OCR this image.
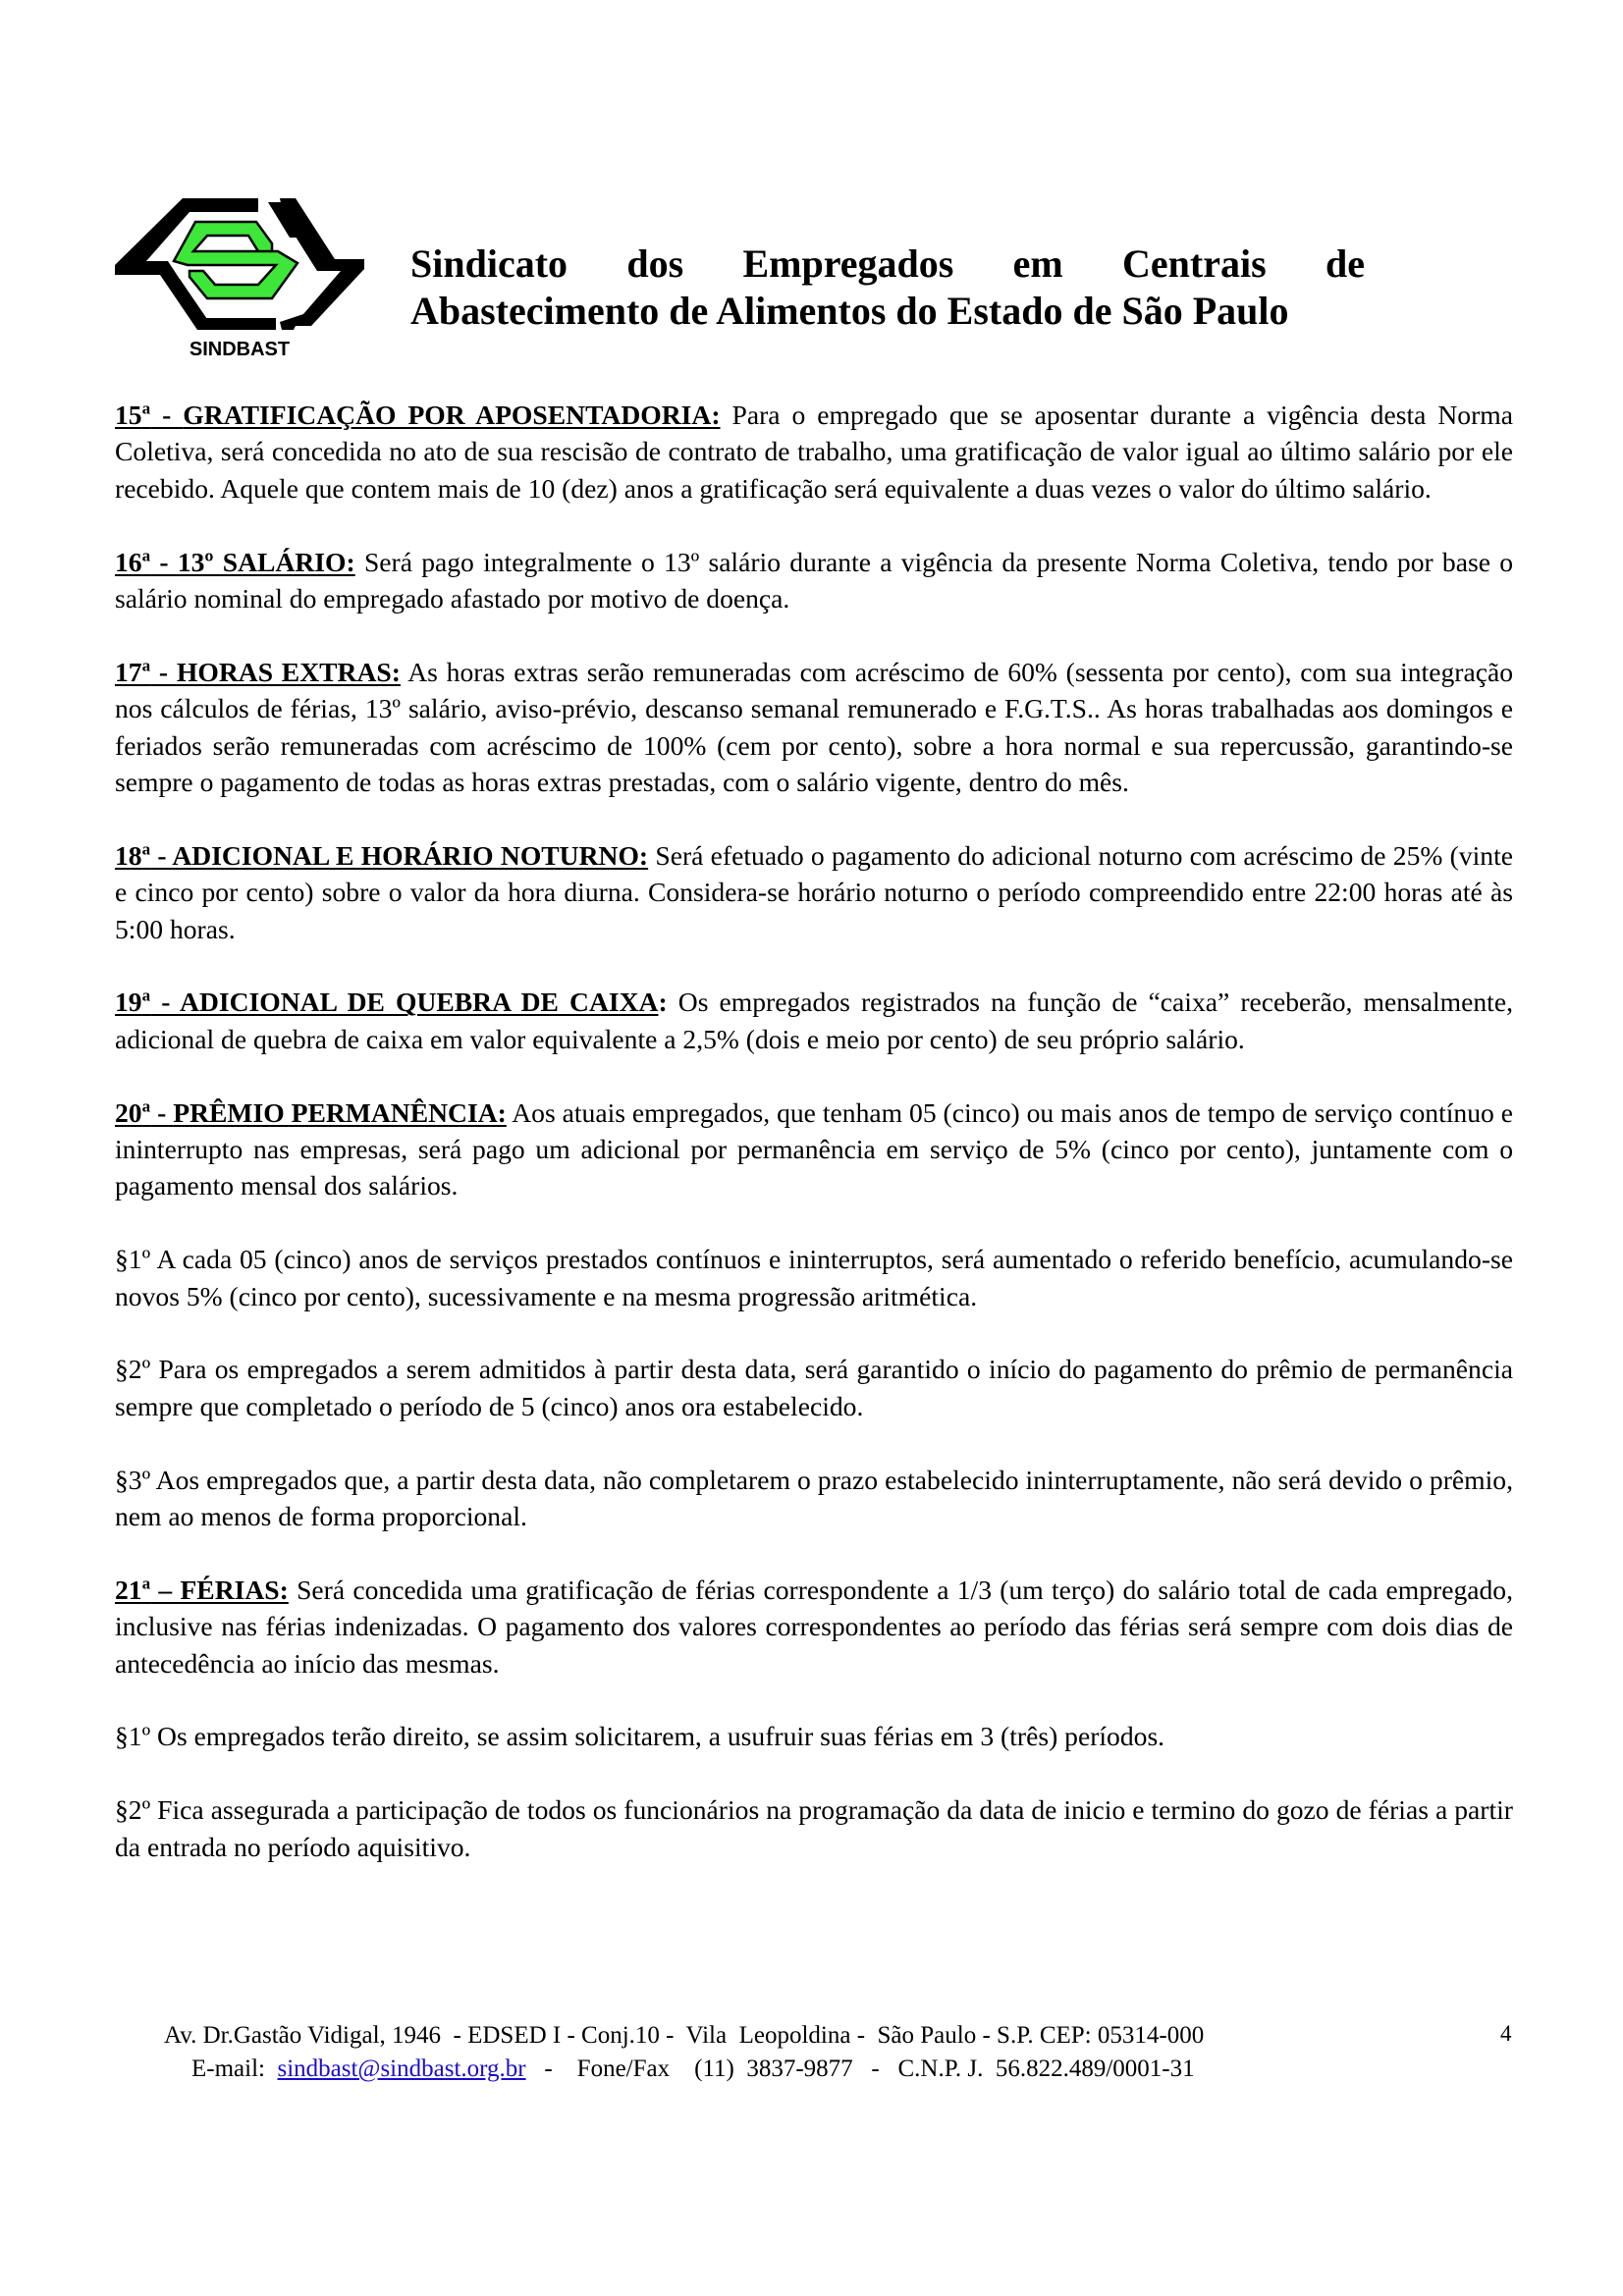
SINDBAST
Sindicato dos Empregados em Centrais de
Abastecimento de Alimentos do Estado de São Paulo

15$^a$ - GRATIFICAÇÃO POR APOSENTADORIA: Para o empregado que se aposentar durante a vigência desta Norma Coletiva, será concedida no ato de sua rescisão de contrato de trabalho, uma gratificação de valor igual ao último salário por ele recebido. Aquele que contem mais de 10 (dez) anos a gratificação será equivalente a duas vezes o valor do último salário.

16$^a$ - 13º SALÁRIO: Será pago integralmente o 13º salário durante a vigência da presente Norma Coletiva, tendo por base o salário nominal do empregado afastado por motivo de doença.

17$^a$ - HORAS EXTRAS: As horas extras serão remuneradas com acréscimo de 60% (sessenta por cento), com sua integração nos cálculos de férias, 13º salário, aviso-prévio, descanso semanal remunerado e F.G.T.S.. As horas trabalhadas aos domingos e feriados serão remuneradas com acréscimo de 100% (cem por cento), sobre a hora normal e sua repercussão, garantindo-se sempre o pagamento de todas as horas extras prestadas, com o salário vigente, dentro do mês.

18$^a$ - ADICIONAL E HORÁRIO NOTURNO: Será efetuado o pagamento do adicional noturno com acréscimo de 25% (vinte e cinco por cento) sobre o valor da hora diurna. Considera-se horário noturno o período compreendido entre 22:00 horas até às 5:00 horas.

19$^a$ - ADICIONAL DE QUEBRA DE CAIXA: Os empregados registrados na função de “caixa” receberão, mensalmente, adicional de quebra de caixa em valor equivalente a 2,5% (dois e meio por cento) de seu próprio salário.

20$^a$ - PRÊMIO PERMANÊNCIA: Aos atuais empregados, que tenham 05 (cinco) ou mais anos de tempo de serviço contínuo e ininterrupto nas empresas, será pago um adicional por permanência em serviço de 5% (cinco por cento), juntamente com o pagamento mensal dos salários.

§1º A cada 05 (cinco) anos de serviços prestados contínuos e ininterruptos, será aumentado o referido benefício, acumulando-se novos 5% (cinco por cento), sucessivamente e na mesma progressão aritmética.

§2º Para os empregados a serem admitidos à partir desta data, será garantido o início do pagamento do prêmio de permanência sempre que completado o período de 5 (cinco) anos ora estabelecido.

§3º Aos empregados que, a partir desta data, não completarem o prazo estabelecido ininterruptamente, não será devido o prêmio, nem ao menos de forma proporcional.

21$^a$ – FÉRIAS: Será concedida uma gratificação de férias correspondente a 1/3 (um terço) do salário total de cada empregado, inclusive nas férias indenizadas. O pagamento dos valores correspondentes ao período das férias será sempre com dois dias de antecedência ao início das mesmas.

§1º Os empregados terão direito, se assim solicitarem, a usufruir suas férias em 3 (três) períodos.

§2º Fica assegurada a participação de todos os funcionários na programação da data de inicio e termino do gozo de férias a partir da entrada no período aquisitivo.

Av. Dr.Gastão Vidigal, 1946  - EDSED I - Conj.10 -  Vila  Leopoldina -  São Paulo - S.P. CEP: 05314-000
E-mail:  sindbast@sindbast.org.br   -    Fone/Fax    (11)  3837-9877   -   C.N.P. J.  56.822.489/0001-31
4
